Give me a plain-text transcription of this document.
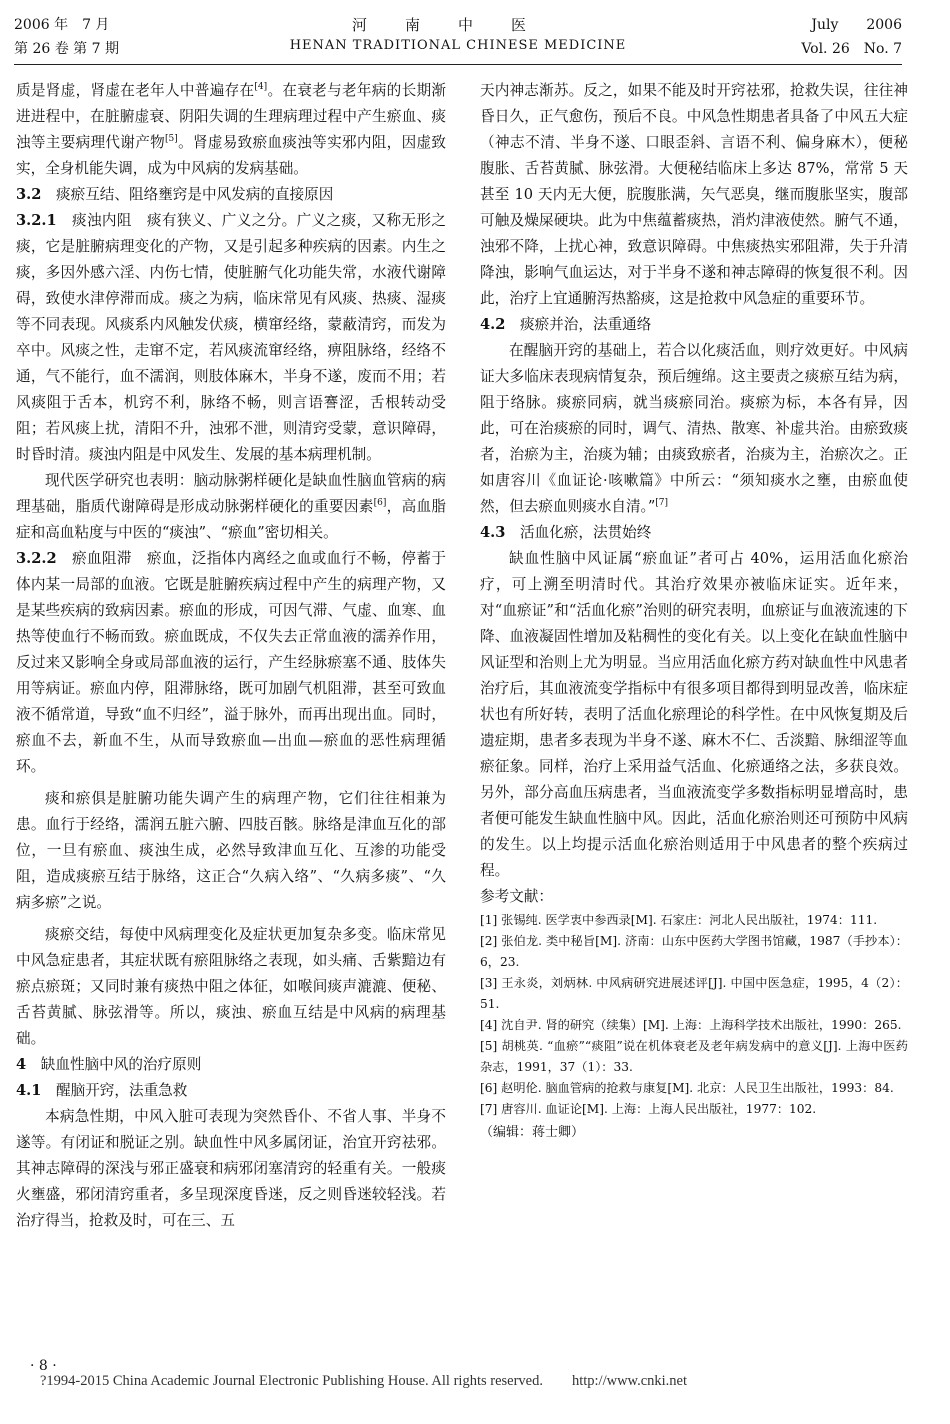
2006 年　7 月	河南中医	July　　2006
第 26 卷 第 7 期	HENAN TRADITIONAL CHINESE MEDICINE	Vol. 26　No. 7

质是肾虚，肾虚在老年人中普遍存在[4]。在衰老与老年病的长期渐进进程中，在脏腑虚衰、阴阳失调的生理病理过程中产生瘀血、痰浊等主要病理代谢产物[5]。肾虚易致瘀血痰浊等实邪内阻，因虚致实，全身机能失调，成为中风病的发病基础。

3.2　 痰瘀互结、阻络壅窍是中风发病的直接原因

3.2.1　 痰浊内阻　 痰有狭义、广义之分。广义之痰，又称无形之痰，它是脏腑病理变化的产物，又是引起多种疾病的因素。内生之痰，多因外感六淫、内伤七情，使脏腑气化功能失常，水液代谢障碍，致使水津停滞而成。痰之为病，临床常见有风痰、热痰、湿痰等不同表现。风痰系内风触发伏痰，横窜经络，蒙蔽清窍，而发为卒中。风痰之性，走窜不定，若风痰流窜经络，痹阻脉络，经络不通，气不能行，血不濡润，则肢体麻木，半身不遂，废而不用；若风痰阻于舌本，机窍不利，脉络不畅，则言语謇涩，舌根转动受阻；若风痰上扰，清阳不升，浊邪不泄，则清窍受蒙，意识障碍，时昏时清。痰浊内阻是中风发生、发展的基本病理机制。

现代医学研究也表明：脑动脉粥样硬化是缺血性脑血管病的病理基础，脂质代谢障碍是形成动脉粥样硬化的重要因素[6]，高血脂症和高血粘度与中医的“痰浊”、“瘀血”密切相关。

3.2.2　 瘀血阻滞　 瘀血，泛指体内离经之血或血行不畅，停蓄于体内某一局部的血液。它既是脏腑疾病过程中产生的病理产物，又是某些疾病的致病因素。瘀血的形成，可因气滞、气虚、血寒、血热等使血行不畅而致。瘀血既成，不仅失去正常血液的濡养作用，反过来又影响全身或局部血液的运行，产生经脉瘀塞不通、肢体失用等病证。瘀血内停，阻滞脉络，既可加剧气机阻滞，甚至可致血液不循常道，导致“血不归经”，溢于脉外，而再出现出血。同时，瘀血不去，新血不生，从而导致瘀血—出血—瘀血的恶性病理循环。

痰和瘀俱是脏腑功能失调产生的病理产物，它们往往相兼为患。血行于经络，濡润五脏六腑、四肢百骸。脉络是津血互化的部位，一旦有瘀血、痰浊生成，必然导致津血互化、互渗的功能受阻，造成痰瘀互结于脉络，这正合“久病入络”、“久病多痰”、“久病多瘀”之说。

痰瘀交结，每使中风病理变化及症状更加复杂多变。临床常见中风急症患者，其症状既有瘀阻脉络之表现，如头痛、舌紫黯边有瘀点瘀斑；又同时兼有痰热中阻之体征，如喉间痰声漉漉、便秘、舌苔黄腻、脉弦滑等。所以，痰浊、瘀血互结是中风病的病理基础。

4　 缺血性脑中风的治疗原则

4.1　 醒脑开窍，法重急救

本病急性期，中风入脏可表现为突然昏仆、不省人事、半身不遂等。有闭证和脱证之别。缺血性中风多属闭证，治宜开窍祛邪。其神志障碍的深浅与邪正盛衰和病邪闭塞清窍的轻重有关。一般痰火壅盛，邪闭清窍重者，多呈现深度昏迷，反之则昏迷较轻浅。若治疗得当，抢救及时，可在三、五

天内神志渐苏。反之，如果不能及时开窍祛邪，抢救失误，往往神昏日久，正气愈伤，预后不良。中风急性期患者具备了中风五大症（神志不清、半身不遂、口眼歪斜、言语不利、偏身麻木），便秘腹胀、舌苔黄腻、脉弦滑。大便秘结临床上多达 87%，常常 5 天甚至 10 天内无大便，脘腹胀满，矢气恶臭，继而腹胀坚实，腹部可触及燥屎硬块。此为中焦蕴蓄痰热，消灼津液使然。腑气不通，浊邪不降，上扰心神，致意识障碍。中焦痰热实邪阻滞，失于升清降浊，影响气血运达，对于半身不遂和神志障碍的恢复很不利。因此，治疗上宜通腑泻热豁痰，这是抢救中风急症的重要环节。

4.2　 痰瘀并治，法重通络

在醒脑开窍的基础上，若合以化痰活血，则疗效更好。中风病证大多临床表现病情复杂，预后缠绵。这主要责之痰瘀互结为病，阻于络脉。痰瘀同病，就当痰瘀同治。痰瘀为标，本各有异，因此，可在治痰瘀的同时，调气、清热、散寒、补虚共治。由瘀致痰者，治瘀为主，治痰为辅；由痰致瘀者，治痰为主，治瘀次之。正如唐容川《血证论·咳嗽篇》中所云：“须知痰水之壅，由瘀血使然，但去瘀血则痰水自清。”[7]

4.3　 活血化瘀，法贯始终

缺血性脑中风证属“瘀血证”者可占 40%，运用活血化瘀治疗，可上溯至明清时代。其治疗效果亦被临床证实。近年来，对“血瘀证”和“活血化瘀”治则的研究表明，血瘀证与血液流速的下降、血液凝固性增加及粘稠性的变化有关。以上变化在缺血性脑中风证型和治则上尤为明显。当应用活血化瘀方药对缺血性中风患者治疗后，其血液流变学指标中有很多项目都得到明显改善，临床症状也有所好转，表明了活血化瘀理论的科学性。在中风恢复期及后遗症期，患者多表现为半身不遂、麻木不仁、舌淡黯、脉细涩等血瘀征象。同样，治疗上采用益气活血、化瘀通络之法，多获良效。另外，部分高血压病患者，当血液流变学多数指标明显增高时，患者便可能发生缺血性脑中风。因此，活血化瘀治则还可预防中风病的发生。以上均提示活血化瘀治则适用于中风患者的整个疾病过程。

参考文献：

[1] 张锡纯. 医学衷中参西录[M]. 石家庄：河北人民出版社，1974：111.

[2] 张伯龙. 类中秘旨[M]. 济南：山东中医药大学图书馆藏，1987（手抄本）：6，23.

[3] 王永炎，刘炳林. 中风病研究进展述评[J]. 中国中医急症，1995，4（2）：51.

[4] 沈自尹. 肾的研究（续集）[M]. 上海：上海科学技术出版社，1990：265.

[5] 胡桃英. “血瘀”“痰阻”说在机体衰老及老年病发病中的意义[J]. 上海中医药杂志，1991，37（1）：33.

[6] 赵明伦. 脑血管病的抢救与康复[M]. 北京：人民卫生出版社，1993：84.

[7] 唐容川. 血证论[M]. 上海：上海人民出版社，1977：102.

（编辑：蒋士卿）

· 8 ·
?1994-2015 China Academic Journal Electronic Publishing House. All rights reserved.　　http://www.cnki.net
